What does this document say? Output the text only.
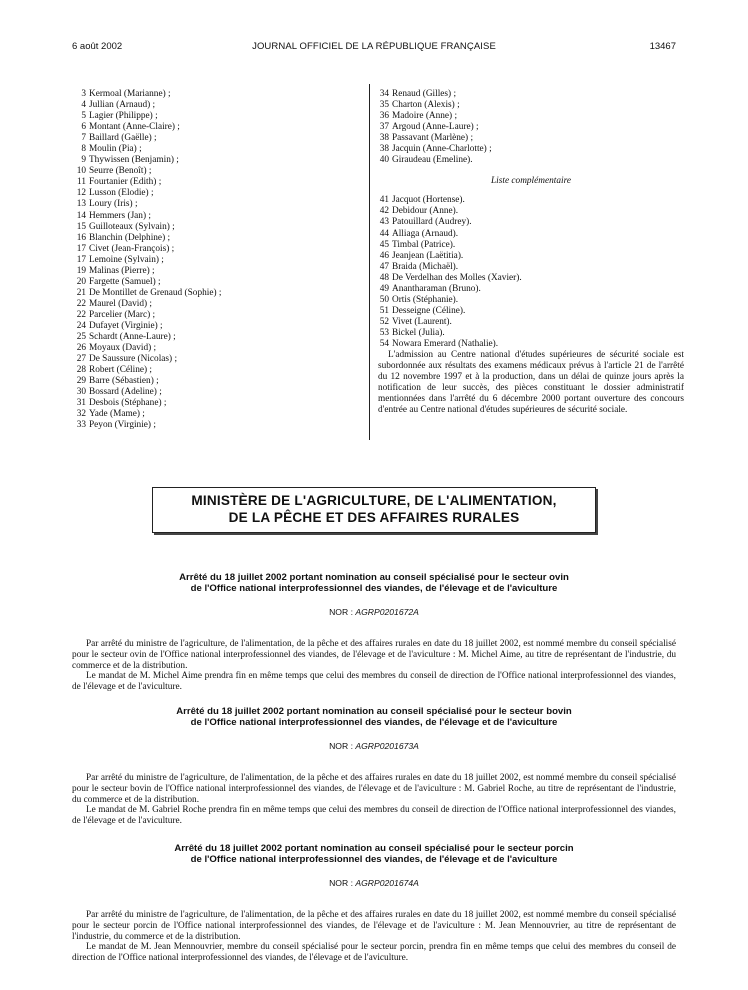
6 août 2002	JOURNAL OFFICIEL DE LA RÉPUBLIQUE FRANÇAISE	13467
3 Kermoal (Marianne) ;
4 Jullian (Arnaud) ;
5 Lagier (Philippe) ;
6 Montant (Anne-Claire) ;
7 Baillard (Gaëlle) ;
8 Moulin (Pia) ;
9 Thywissen (Benjamin) ;
10 Seurre (Benoît) ;
11 Fourtanier (Edith) ;
12 Lusson (Elodie) ;
13 Loury (Iris) ;
14 Hemmers (Jan) ;
15 Guilloteaux (Sylvain) ;
16 Blanchin (Delphine) ;
17 Civet (Jean-François) ;
17 Lemoine (Sylvain) ;
19 Malinas (Pierre) ;
20 Fargette (Samuel) ;
21 De Montillet de Grenaud (Sophie) ;
22 Maurel (David) ;
22 Parcelier (Marc) ;
24 Dufayet (Virginie) ;
25 Schardt (Anne-Laure) ;
26 Moyaux (David) ;
27 De Saussure (Nicolas) ;
28 Robert (Céline) ;
29 Barre (Sébastien) ;
30 Bossard (Adeline) ;
31 Desbois (Stéphane) ;
32 Yade (Mame) ;
33 Peyon (Virginie) ;
34 Renaud (Gilles) ;
35 Charton (Alexis) ;
36 Madoire (Anne) ;
37 Argoud (Anne-Laure) ;
38 Passavant (Marlène) ;
38 Jacquin (Anne-Charlotte) ;
40 Giraudeau (Emeline).
Liste complémentaire
41 Jacquot (Hortense).
42 Debidour (Anne).
43 Patouillard (Audrey).
44 Alliaga (Arnaud).
45 Timbal (Patrice).
46 Jeanjean (Laëtitia).
47 Braida (Michaël).
48 De Verdelhan des Molles (Xavier).
49 Anantharaman (Bruno).
50 Ortis (Stéphanie).
51 Desseigne (Céline).
52 Vivet (Laurent).
53 Bickel (Julia).
54 Nowara Emerard (Nathalie).

L'admission au Centre national d'études supérieures de sécurité sociale est subordonnée aux résultats des examens médicaux prévus à l'article 21 de l'arrêté du 12 novembre 1997 et à la production, dans un délai de quinze jours après la notification de leur succès, des pièces constituant le dossier administratif mentionnées dans l'arrêté du 6 décembre 2000 portant ouverture des concours d'entrée au Centre national d'études supérieures de sécurité sociale.

MINISTÈRE DE L'AGRICULTURE, DE L'ALIMENTATION,
DE LA PÊCHE ET DES AFFAIRES RURALES
Arrêté du 18 juillet 2002 portant nomination au conseil spécialisé pour le secteur ovin
de l'Office national interprofessionnel des viandes, de l'élevage et de l'aviculture
NOR : AGRP0201672A

Par arrêté du ministre de l'agriculture, de l'alimentation, de la pêche et des affaires rurales en date du 18 juillet 2002, est nommé membre du conseil spécialisé pour le secteur ovin de l'Office national interprofessionnel des viandes, de l'élevage et de l'aviculture : M. Michel Aime, au titre de représentant de l'industrie, du commerce et de la distribution.

Le mandat de M. Michel Aime prendra fin en même temps que celui des membres du conseil de direction de l'Office national interprofessionnel des viandes, de l'élevage et de l'aviculture.

Arrêté du 18 juillet 2002 portant nomination au conseil spécialisé pour le secteur bovin
de l'Office national interprofessionnel des viandes, de l'élevage et de l'aviculture
NOR : AGRP0201673A

Par arrêté du ministre de l'agriculture, de l'alimentation, de la pêche et des affaires rurales en date du 18 juillet 2002, est nommé membre du conseil spécialisé pour le secteur bovin de l'Office national interprofessionnel des viandes, de l'élevage et de l'aviculture : M. Gabriel Roche, au titre de représentant de l'industrie, du commerce et de la distribution.

Le mandat de M. Gabriel Roche prendra fin en même temps que celui des membres du conseil de direction de l'Office national interprofessionnel des viandes, de l'élevage et de l'aviculture.

Arrêté du 18 juillet 2002 portant nomination au conseil spécialisé pour le secteur porcin
de l'Office national interprofessionnel des viandes, de l'élevage et de l'aviculture
NOR : AGRP0201674A

Par arrêté du ministre de l'agriculture, de l'alimentation, de la pêche et des affaires rurales en date du 18 juillet 2002, est nommé membre du conseil spécialisé pour le secteur porcin de l'Office national interprofessionnel des viandes, de l'élevage et de l'aviculture : M. Jean Mennouvrier, au titre de représentant de l'industrie, du commerce et de la distribution.

Le mandat de M. Jean Mennouvrier, membre du conseil spécialisé pour le secteur porcin, prendra fin en même temps que celui des membres du conseil de direction de l'Office national interprofessionnel des viandes, de l'élevage et de l'aviculture.
